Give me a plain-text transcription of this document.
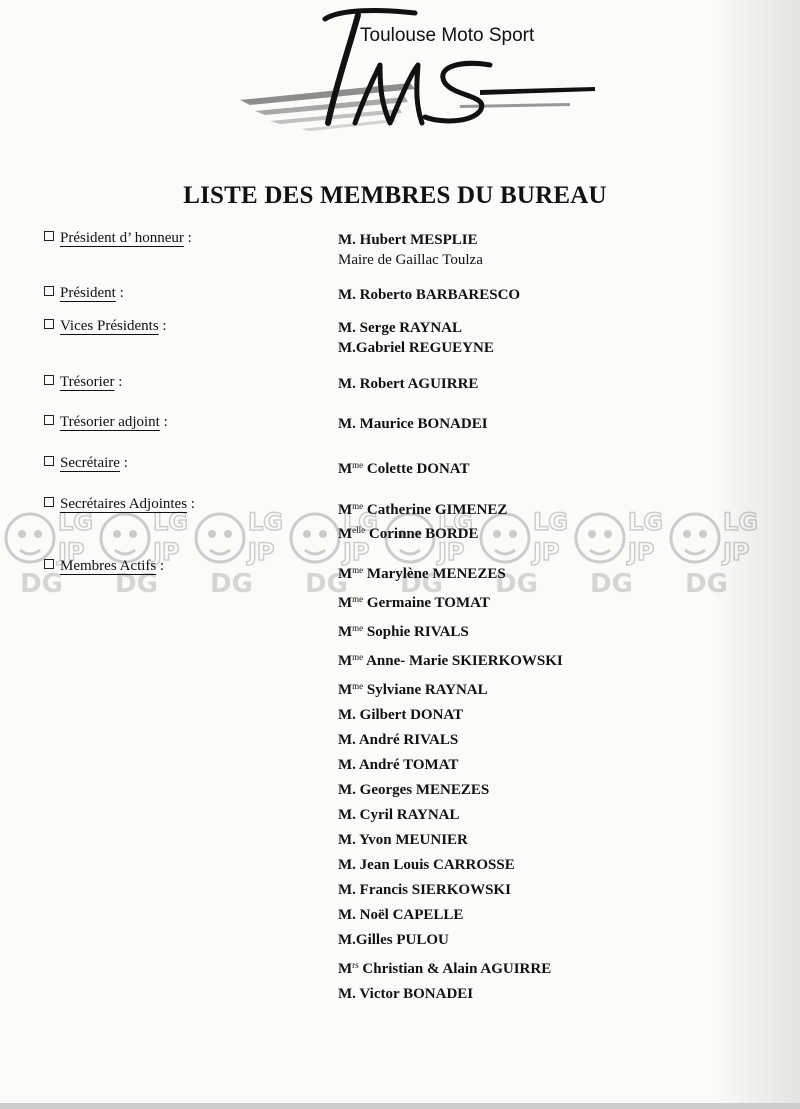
Toulouse Moto Sport
LG
JP
DG
LISTE DES MEMBRES DU BUREAU
Président d’ honneur :	M. Hubert MESPLIE
Maire de Gaillac Toulza
Président :	M. Roberto BARBARESCO
Vices Présidents :	M. Serge RAYNAL
M.Gabriel REGUEYNE
Trésorier :	M. Robert AGUIRRE
Trésorier adjoint :	M. Maurice BONADEI
Secrétaire :	$M^{me}$ Colette DONAT
Secrétaires Adjointes :	$M^{me}$ Catherine GIMENEZ
$M^{elle}$ Corinne BORDE
Membres Actifs :	$M^{me}$ Marylène MENEZES
$M^{me}$ Germaine TOMAT
$M^{me}$ Sophie RIVALS
$M^{me}$ Anne- Marie SKIERKOWSKI
$M^{me}$ Sylviane RAYNAL
M. Gilbert DONAT
M. André RIVALS
M. André TOMAT
M. Georges MENEZES
M. Cyril RAYNAL
M. Yvon MEUNIER
M. Jean Louis CARROSSE
M. Francis SIERKOWSKI
M. Noël CAPELLE
M.Gilles PULOU
$M^{rs}$ Christian & Alain AGUIRRE
M. Victor BONADEI
